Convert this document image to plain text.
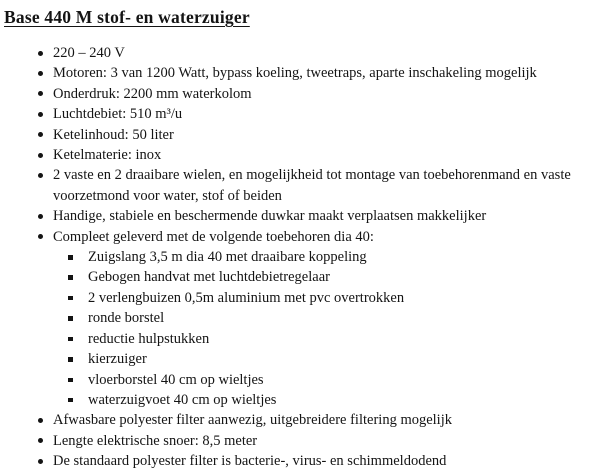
Base 440 M stof- en waterzuiger
220 – 240 V
Motoren: 3 van 1200 Watt, bypass koeling, tweetraps, aparte inschakeling mogelijk
Onderdruk: 2200 mm waterkolom
Luchtdebiet: 510 m³/u
Ketelinhoud: 50 liter
Ketelmaterie: inox
2 vaste en 2 draaibare wielen, en mogelijkheid tot montage van toebehorenmand en vaste voorzetmond voor water, stof of beiden
Handige, stabiele en beschermende duwkar maakt verplaatsen makkelijker
Compleet geleverd met de volgende toebehoren dia 40:
Zuigslang 3,5 m dia 40 met draaibare koppeling
Gebogen handvat met luchtdebietregelaar
2 verlengbuizen 0,5m aluminium met pvc overtrokken
ronde borstel
reductie hulpstukken
kierzuiger
vloerborstel 40 cm op wieltjes
waterzuigvoet 40 cm op wieltjes
Afwasbare polyester filter aanwezig, uitgebreidere filtering mogelijk
Lengte elektrische snoer: 8,5 meter
De standaard polyester filter is bacterie-, virus- en schimmeldodend
